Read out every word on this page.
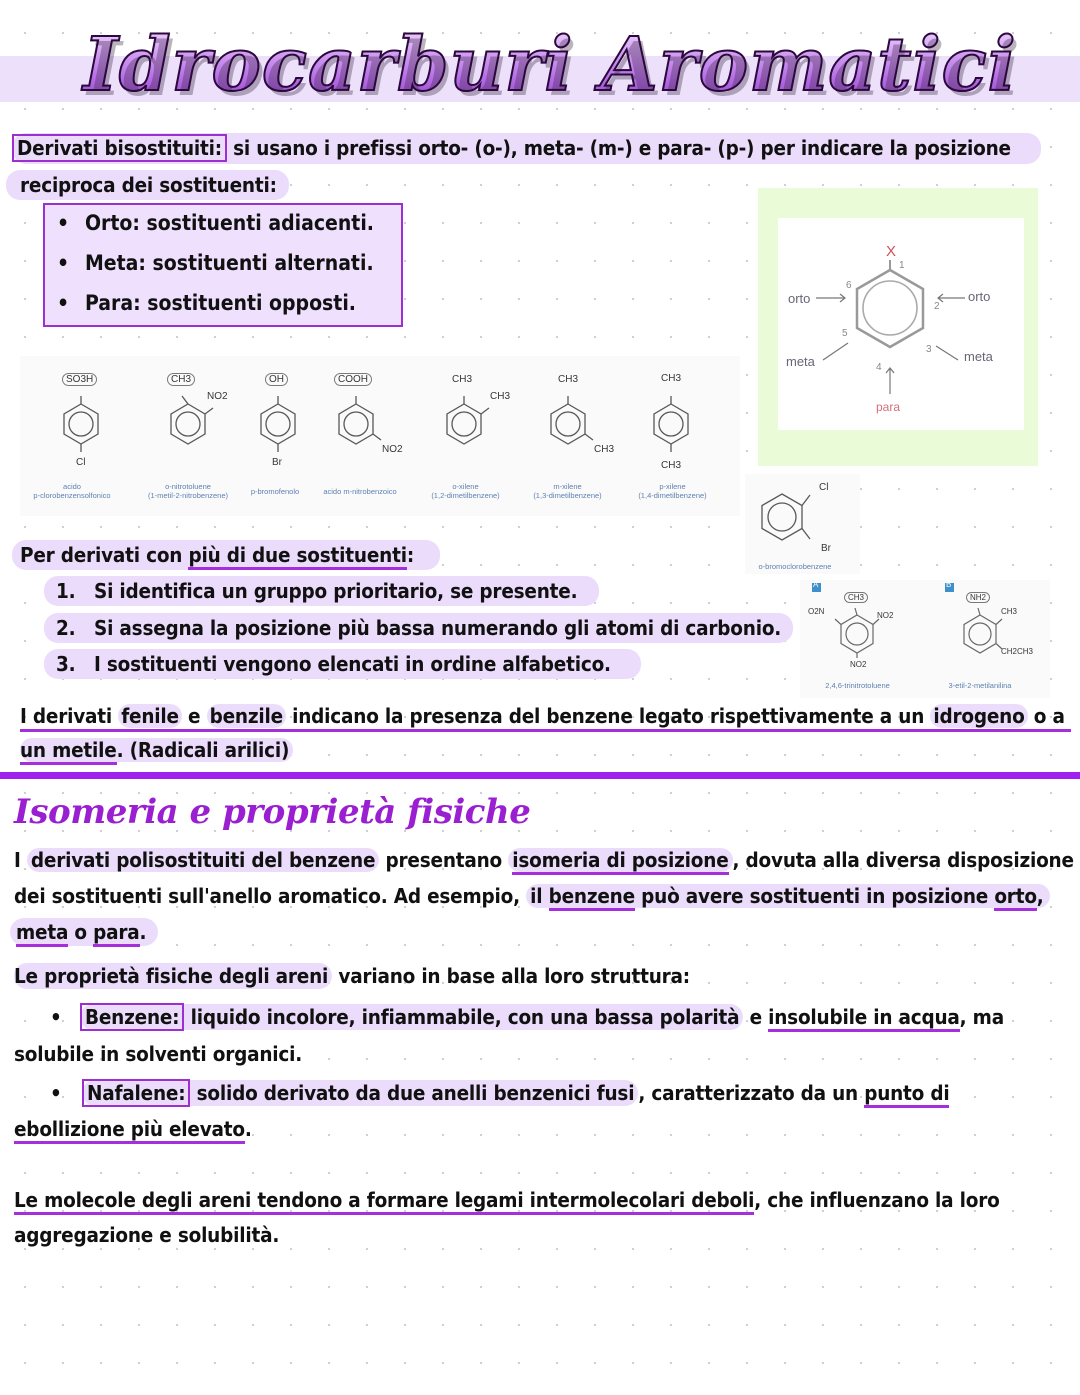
Idrocarburi Aromatici
Derivati bisostituiti: si usano i prefissi orto- (o-), meta- (m-) e para- (p-) per indicare la posizione
reciproca dei sostituenti:
• Orto: sostituenti adiacenti.
• Meta: sostituenti alternati.
• Para: sostituenti opposti.
X
1
2
3
4
5
6
orto	orto
meta	meta
para
SO3H
Cl
CH3
NO2
OH
Br
COOH
NO2
CH3
CH3
CH3
CH3
CH3
CH3
acido
p-clorobenzensolfonico
o-nitrotoluene
(1-metil-2-nitrobenzene)	p-bromofenolo	acido m-nitrobenzoico
o-xilene
(1,2-dimetilbenzene)
m-xilene
(1,3-dimetilbenzene)
p-xilene
(1,4-dimetilbenzene)
Cl
Br
o-bromoclorobenzene
Per derivati con più di due sostituenti:
1. Si identifica un gruppo prioritario, se presente.
2. Si assegna la posizione più bassa numerando gli atomi di carbonio.
3. I sostituenti vengono elencati in ordine alfabetico.
A	B
CH3
O2N	NO2
NO2
NH2
CH3
CH2CH3
2,4,6-trinitrotoluene	3-etil-2-metilanilina
I derivati fenile e benzile indicano la presenza del benzene legato rispettivamente a un idrogeno o a
un metile. (Radicali arilici)
Isomeria e proprietà fisiche
I derivati polisostituiti del benzene presentano isomeria di posizione , dovuta alla diversa disposizione
dei sostituenti sull'anello aromatico. Ad esempio, il benzene può avere sostituenti in posizione orto,
meta o para.
Le proprietà fisiche degli areni variano in base alla loro struttura:
• Benzene: liquido incolore, infiammabile, con una bassa polarità e insolubile in acqua, ma
solubile in solventi organici.
• Nafalene: solido derivato da due anelli benzenici fusi , caratterizzato da un punto di
ebollizione più elevato.
Le molecole degli areni tendono a formare legami intermolecolari deboli, che influenzano la loro
aggregazione e solubilità.
